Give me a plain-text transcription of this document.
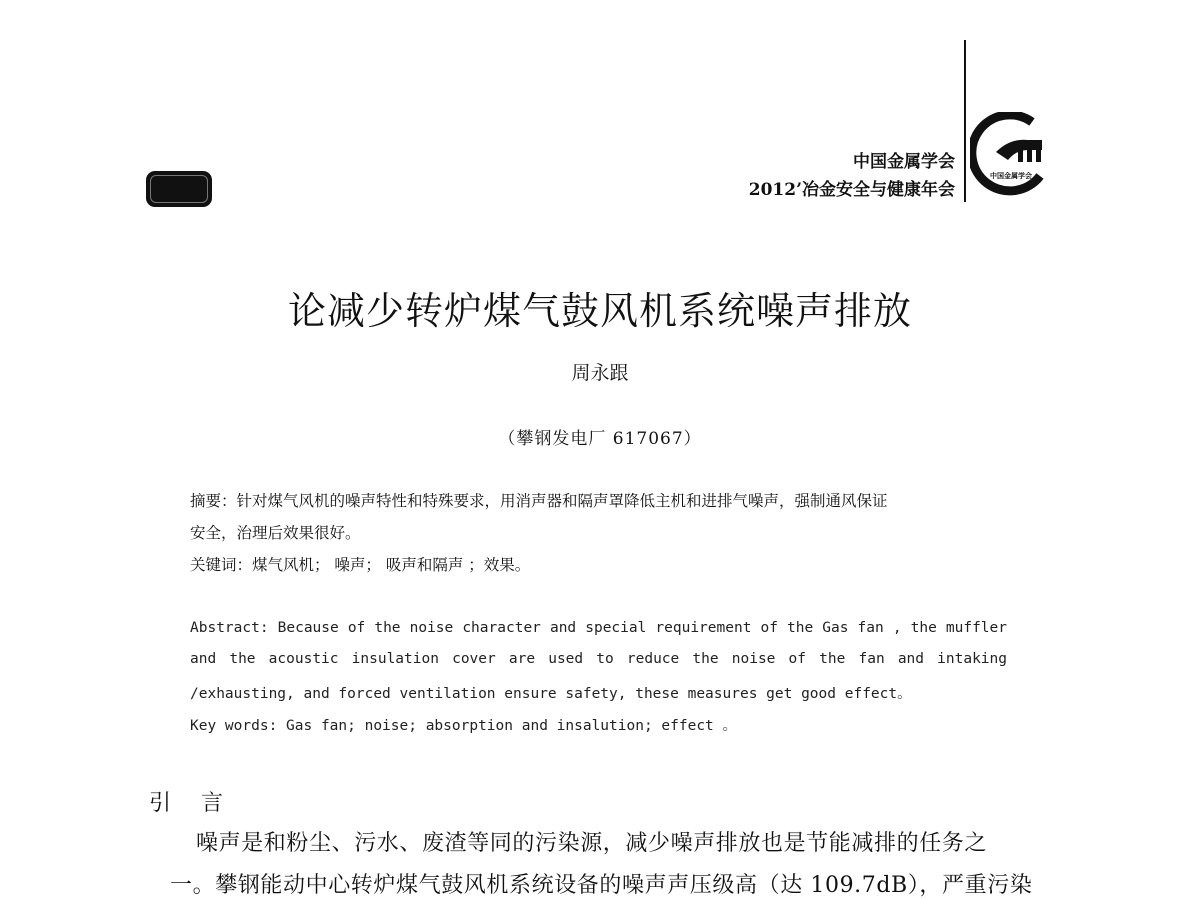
中国金属学会
2012’冶金安全与健康年会
中国金属学会
论减少转炉煤气鼓风机系统噪声排放
周永跟
（攀钢发电厂 617067）
摘要：针对煤气风机的噪声特性和特殊要求，用消声器和隔声罩降低主机和进排气噪声，强制通风保证
安全，治理后效果很好。
关键词：煤气风机； 噪声； 吸声和隔声 ；效果。
Abstract: Because of the noise character and special requirement of the Gas fan , the muffler
and the acoustic insulation cover are used to reduce the noise of the fan and intaking
/exhausting, and forced ventilation ensure safety, these measures get good effect。
Key words: Gas fan; noise; absorption and insalution; effect 。
引 言
噪声是和粉尘、污水、废渣等同的污染源，减少噪声排放也是节能减排的任务之
一。攀钢能动中心转炉煤气鼓风机系统设备的噪声声压级高（达 109.7dB），严重污染
